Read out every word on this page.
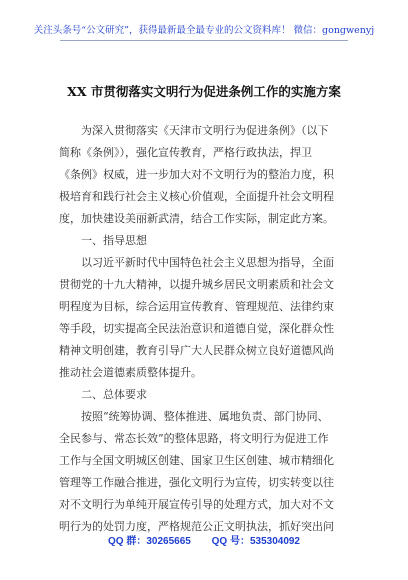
关注头条号“公文研究”，获得最新最全最专业的公文资料库！ 微信：gongwenyj
XX 市贯彻落实文明行为促进条例工作的实施方案
为深入贯彻落实《天津市文明行为促进条例》（以下
简称《条例》），强化宣传教育，严格行政执法，捍卫
《条例》权威，进一步加大对不文明行为的整治力度，积
极培育和践行社会主义核心价值观，全面提升社会文明程
度，加快建设美丽新武清，结合工作实际，制定此方案。
一、指导思想
以习近平新时代中国特色社会主义思想为指导，全面
贯彻党的十九大精神，以提升城乡居民文明素质和社会文
明程度为目标，综合运用宣传教育、管理规范、法律约束
等手段，切实提高全民法治意识和道德自觉，深化群众性
精神文明创建，教育引导广大人民群众树立良好道德风尚
推动社会道德素质整体提升。
二、总体要求
按照“统筹协调、整体推进、属地负责、部门协同、
全民参与、常态长效”的整体思路，将文明行为促进工作
工作与全国文明城区创建、国家卫生区创建、城市精细化
管理等工作融合推进，强化文明行为宣传，切实转变以往
对不文明行为单纯开展宣传引导的处理方式，加大对不文
明行为的处罚力度，严格规范公正文明执法，抓好突出问
QQ 群：30265665 QQ 号：535304092
